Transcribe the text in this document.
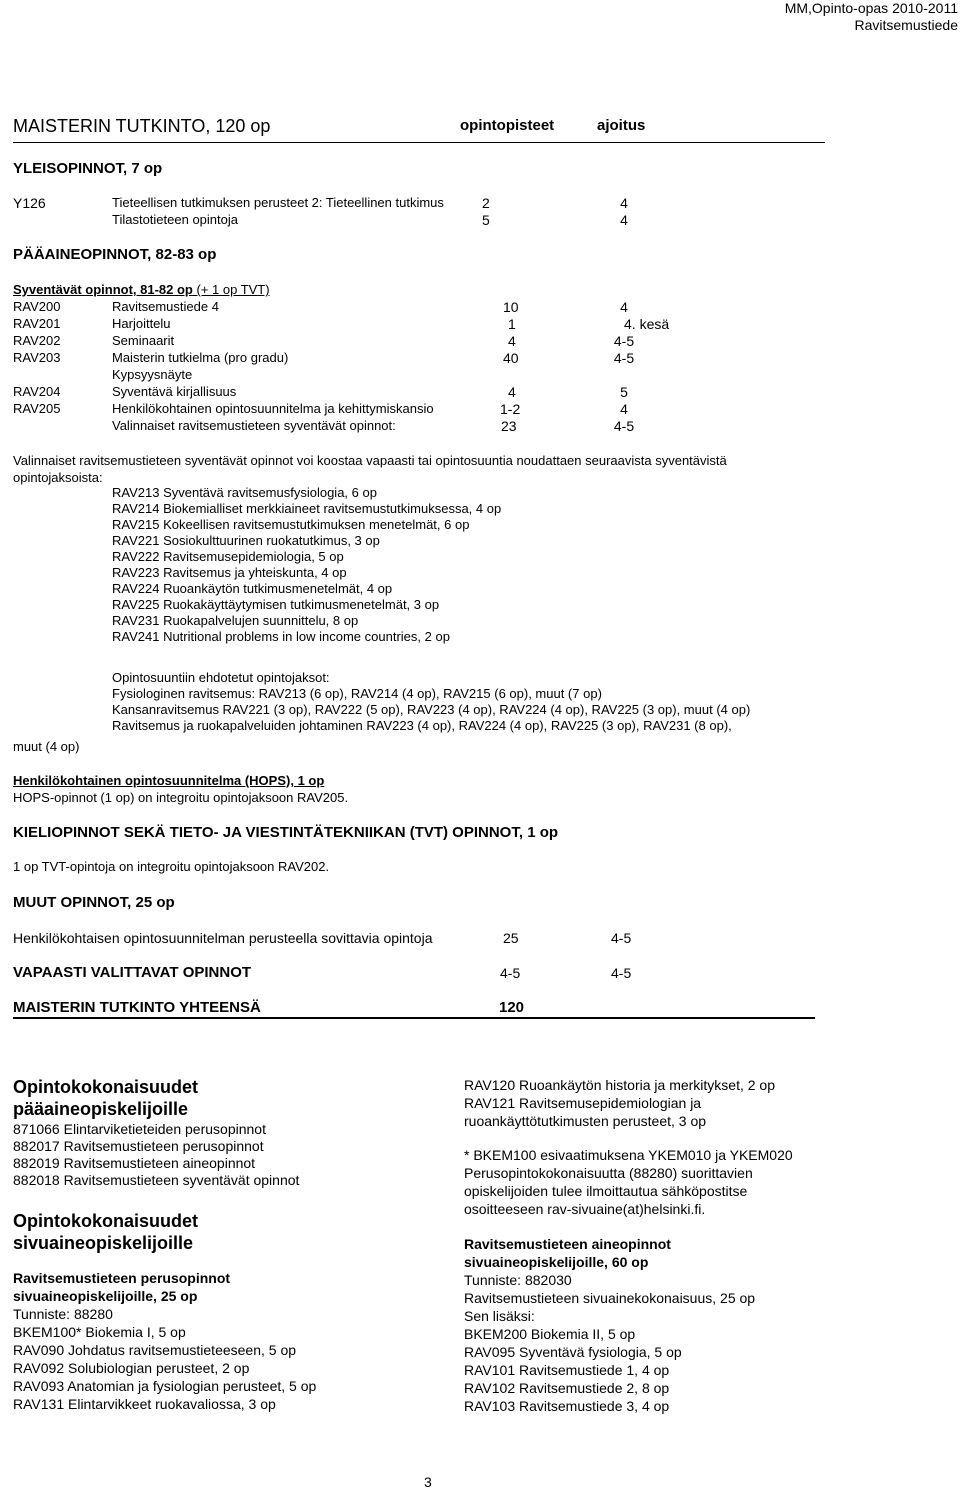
MM,Opinto-opas 2010-2011
Ravitsemustiede
MAISTERIN TUTKINTO, 120 op	opintopisteet	ajoitus
YLEISOPINNOT, 7 op
Y126	Tieteellisen tutkimuksen perusteet 2: Tieteellinen tutkimus	2	4
Tilastotieteen opintoja	5	4
PÄÄAINEOPINNOT, 82-83 op
Syventävät opinnot, 81-82 op (+ 1 op TVT)
RAV200	Ravitsemustiede 4	10	4
RAV201	Harjoittelu	1	4. kesä
RAV202	Seminaarit	4	4-5
RAV203	Maisterin tutkielma (pro gradu)	40	4-5
Kypsyysnäyte
RAV204	Syventävä kirjallisuus	4	5
RAV205	Henkilökohtainen opintosuunnitelma ja kehittymiskansio	1-2	4
Valinnaiset ravitsemustieteen syventävät opinnot:	23	4-5
Valinnaiset ravitsemustieteen syventävät opinnot voi koostaa vapaasti tai opintosuuntia noudattaen seuraavista syventävistä
opintojaksoista:
RAV213 Syventävä ravitsemusfysiologia, 6 op
RAV214 Biokemialliset merkkiaineet ravitsemustutkimuksessa, 4 op
RAV215 Kokeellisen ravitsemustutkimuksen menetelmät, 6 op
RAV221 Sosiokulttuurinen ruokatutkimus, 3 op
RAV222 Ravitsemusepidemiologia, 5 op
RAV223 Ravitsemus ja yhteiskunta, 4 op
RAV224 Ruoankäytön tutkimusmenetelmät, 4 op
RAV225 Ruokakäyttäytymisen tutkimusmenetelmät, 3 op
RAV231 Ruokapalvelujen suunnittelu, 8 op
RAV241 Nutritional problems in low income countries, 2 op
Opintosuuntiin ehdotetut opintojaksot:
Fysiologinen ravitsemus: RAV213 (6 op), RAV214 (4 op), RAV215 (6 op), muut (7 op)
Kansanravitsemus RAV221 (3 op), RAV222 (5 op), RAV223 (4 op), RAV224 (4 op), RAV225 (3 op), muut (4 op)
Ravitsemus ja ruokapalveluiden johtaminen RAV223 (4 op), RAV224 (4 op), RAV225 (3 op), RAV231 (8 op),
muut (4 op)
Henkilökohtainen opintosuunnitelma (HOPS), 1 op
HOPS-opinnot (1 op) on integroitu opintojaksoon RAV205.
KIELIOPINNOT SEKÄ TIETO- JA VIESTINTÄTEKNIIKAN (TVT) OPINNOT, 1 op
1 op TVT-opintoja on integroitu opintojaksoon RAV202.
MUUT OPINNOT, 25 op
Henkilökohtaisen opintosuunnitelman perusteella sovittavia opintoja	25	4-5
VAPAASTI VALITTAVAT OPINNOT	4-5	4-5
MAISTERIN TUTKINTO YHTEENSÄ	120
Opintokokonaisuudet
pääaineopiskelijoille
871066 Elintarviketieteiden perusopinnot
882017 Ravitsemustieteen perusopinnot
882019 Ravitsemustieteen aineopinnot
882018 Ravitsemustieteen syventävät opinnot
Opintokokonaisuudet
sivuaineopiskelijoille
Ravitsemustieteen perusopinnot
sivuaineopiskelijoille, 25 op
Tunniste: 88280
BKEM100* Biokemia I, 5 op
RAV090 Johdatus ravitsemustieteeseen, 5 op
RAV092 Solubiologian perusteet, 2 op
RAV093 Anatomian ja fysiologian perusteet, 5 op
RAV131 Elintarvikkeet ruokavaliossa, 3 op
RAV120 Ruoankäytön historia ja merkitykset, 2 op
RAV121 Ravitsemusepidemiologian ja
ruoankäyttötutkimusten perusteet, 3 op
* BKEM100 esivaatimuksena YKEM010 ja YKEM020
Perusopintokokonaisuutta (88280) suorittavien
opiskelijoiden tulee ilmoittautua sähköpostitse
osoitteeseen rav-sivuaine(at)helsinki.fi.
Ravitsemustieteen aineopinnot
sivuaineopiskelijoille, 60 op
Tunniste: 882030
Ravitsemustieteen sivuainekokonaisuus, 25 op
Sen lisäksi:
BKEM200 Biokemia II, 5 op
RAV095 Syventävä fysiologia, 5 op
RAV101 Ravitsemustiede 1, 4 op
RAV102 Ravitsemustiede 2, 8 op
RAV103 Ravitsemustiede 3, 4 op
3
